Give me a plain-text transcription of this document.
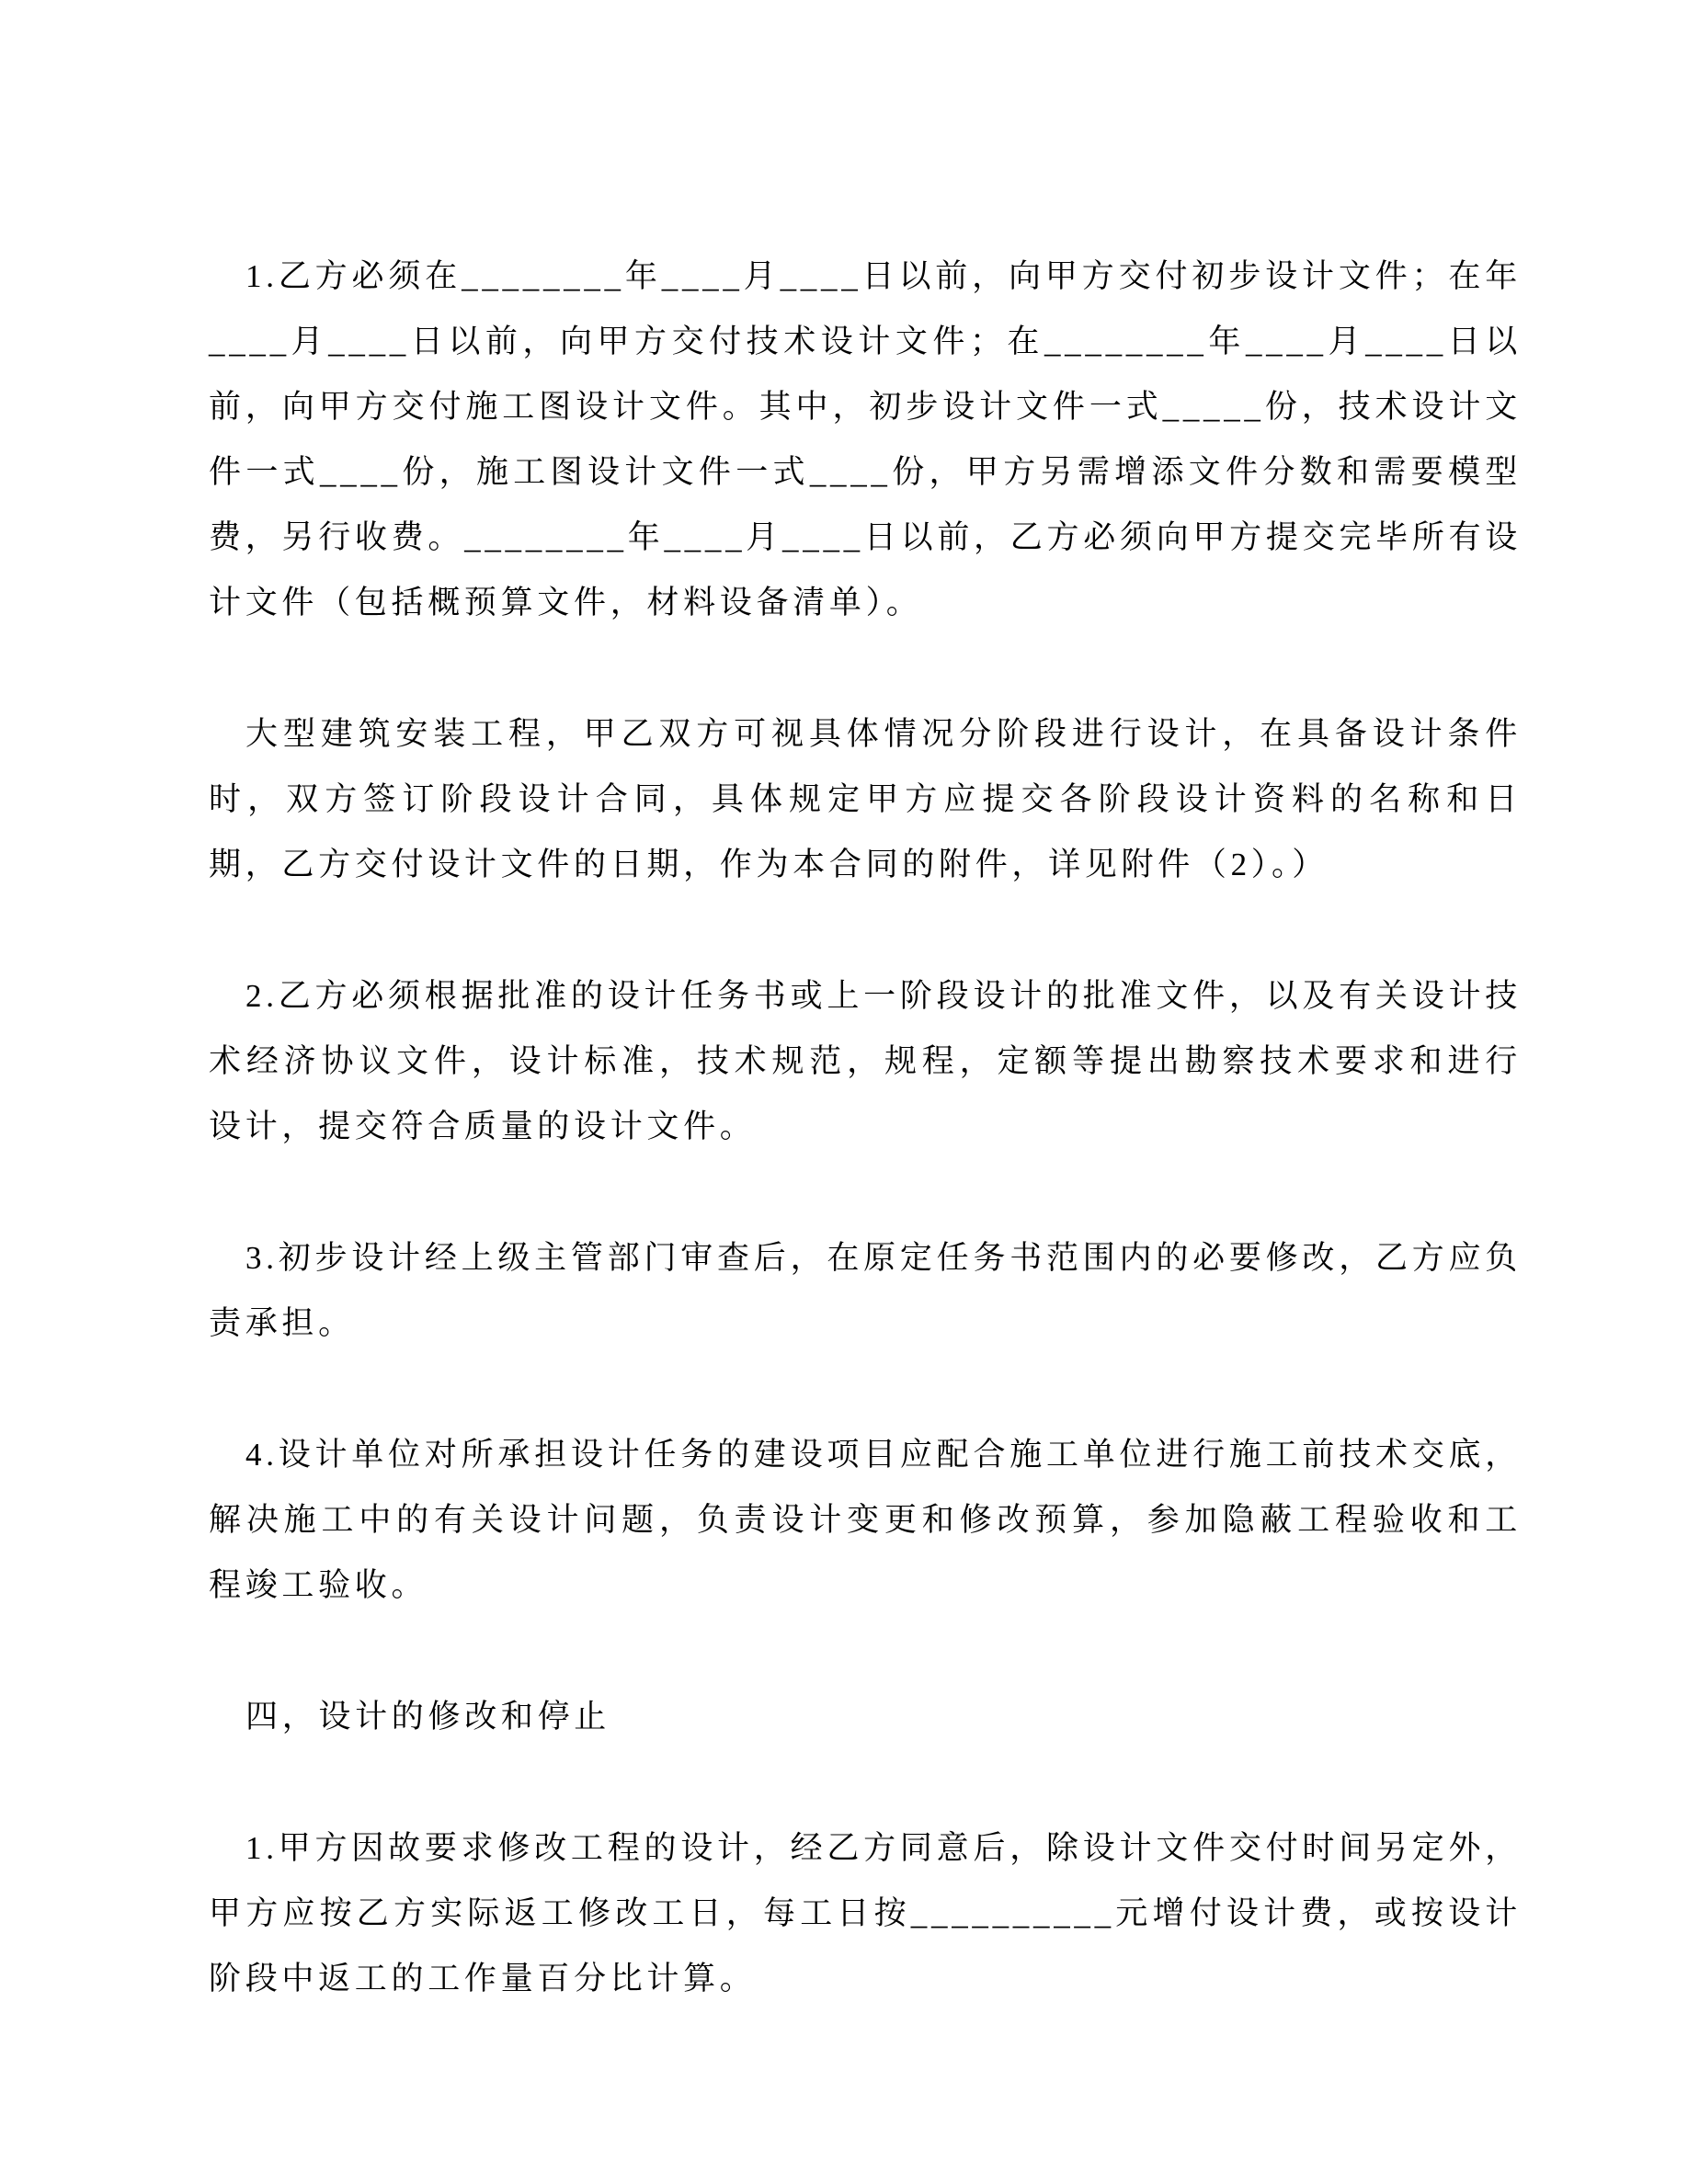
1.乙方必须在________年____月____日以前，向甲方交付初步设计文件；在年____月____日以前，向甲方交付技术设计文件；在________年____月____日以前，向甲方交付施工图设计文件。其中，初步设计文件一式_____份，技术设计文件一式____份，施工图设计文件一式____份，甲方另需增添文件分数和需要模型费，另行收费。________年____月____日以前，乙方必须向甲方提交完毕所有设计文件（包括概预算文件，材料设备清单）。

大型建筑安装工程，甲乙双方可视具体情况分阶段进行设计，在具备设计条件时，双方签订阶段设计合同，具体规定甲方应提交各阶段设计资料的名称和日期，乙方交付设计文件的日期，作为本合同的附件，详见附件（2）。）

2.乙方必须根据批准的设计任务书或上一阶段设计的批准文件，以及有关设计技术经济协议文件，设计标准，技术规范，规程，定额等提出勘察技术要求和进行设计，提交符合质量的设计文件。

3.初步设计经上级主管部门审查后，在原定任务书范围内的必要修改，乙方应负责承担。

4.设计单位对所承担设计任务的建设项目应配合施工单位进行施工前技术交底，解决施工中的有关设计问题，负责设计变更和修改预算，参加隐蔽工程验收和工程竣工验收。

四，设计的修改和停止

1.甲方因故要求修改工程的设计，经乙方同意后，除设计文件交付时间另定外，甲方应按乙方实际返工修改工日，每工日按__________元增付设计费，或按设计阶段中返工的工作量百分比计算。
